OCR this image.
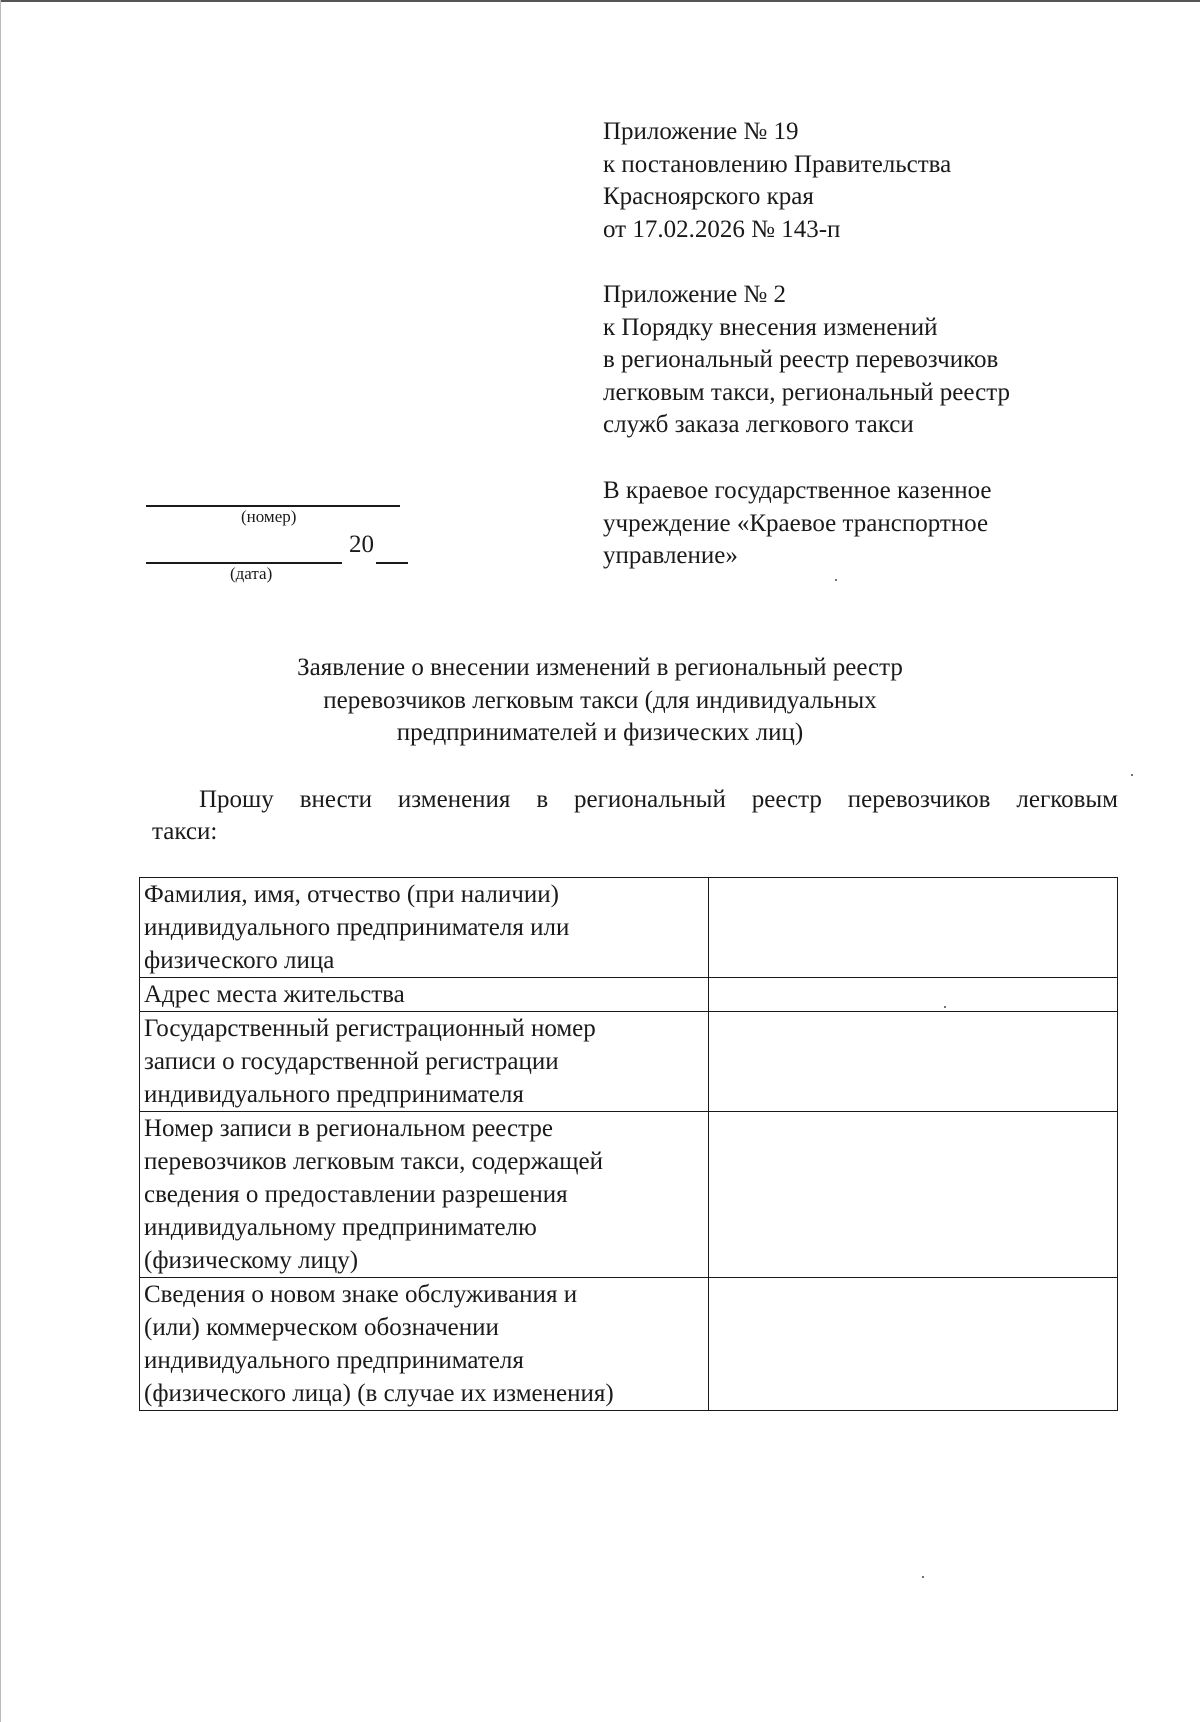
Приложение № 19
к постановлению Правительства
Красноярского края
от 17.02.2026 № 143-п
Приложение № 2
к Порядку внесения изменений
в региональный реестр перевозчиков
легковым такси, региональный реестр
служб заказа легкового такси
В краевое государственное казенное
учреждение «Краевое транспортное
управление»
(номер)
20
(дата)
Заявление о внесении изменений в региональный реестр
перевозчиков легковым такси (для индивидуальных
предпринимателей и физических лиц)
Прошу внести изменения в региональный реестр перевозчиков легковым
такси:
Фамилия, имя, отчество (при наличии)
индивидуального предпринимателя или
физического лица	

Адрес места жительства	

Государственный регистрационный номер
записи о государственной регистрации
индивидуального предпринимателя	

Номер записи в региональном реестре
перевозчиков легковым такси, содержащей
сведения о предоставлении разрешения
индивидуальному предпринимателю
(физическому лицу)	

Сведения о новом знаке обслуживания и
(или) коммерческом обозначении
индивидуального предпринимателя
(физического лица) (в случае их изменения)	
